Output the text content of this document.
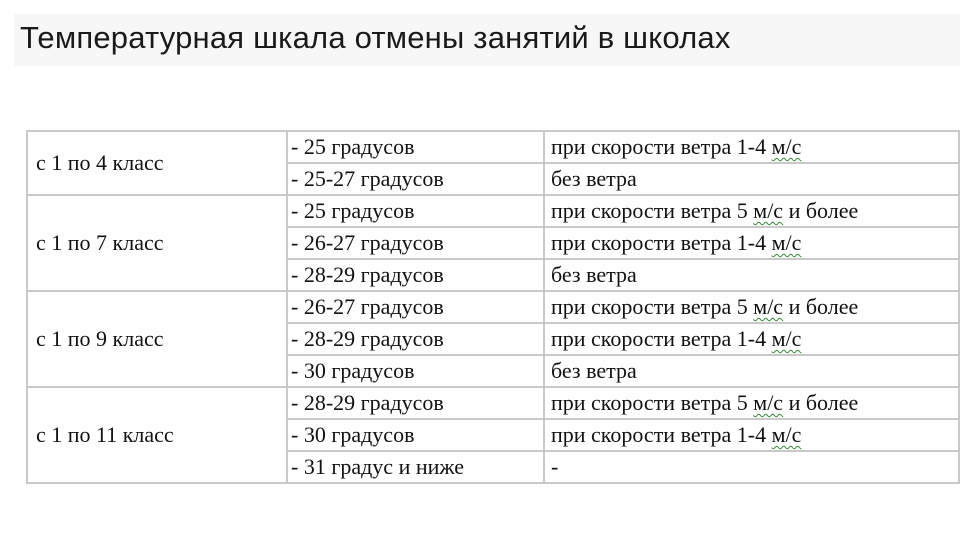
Температурная шкала отмены занятий в школах
с 1 по 4 класс	- 25 градусов	при скорости ветра 1-4 м/с
	- 25-27 градусов	без ветра
с 1 по 7 класс	- 25 градусов	при скорости ветра 5 м/с и более
	- 26-27 градусов	при скорости ветра 1-4 м/с
	- 28-29 градусов	без ветра
с 1 по 9 класс	- 26-27 градусов	при скорости ветра 5 м/с и более
	- 28-29 градусов	при скорости ветра 1-4 м/с
	- 30 градусов	без ветра
с 1 по 11 класс	- 28-29 градусов	при скорости ветра 5 м/с и более
	- 30 градусов	при скорости ветра 1-4 м/с
	- 31 градус и ниже	-
